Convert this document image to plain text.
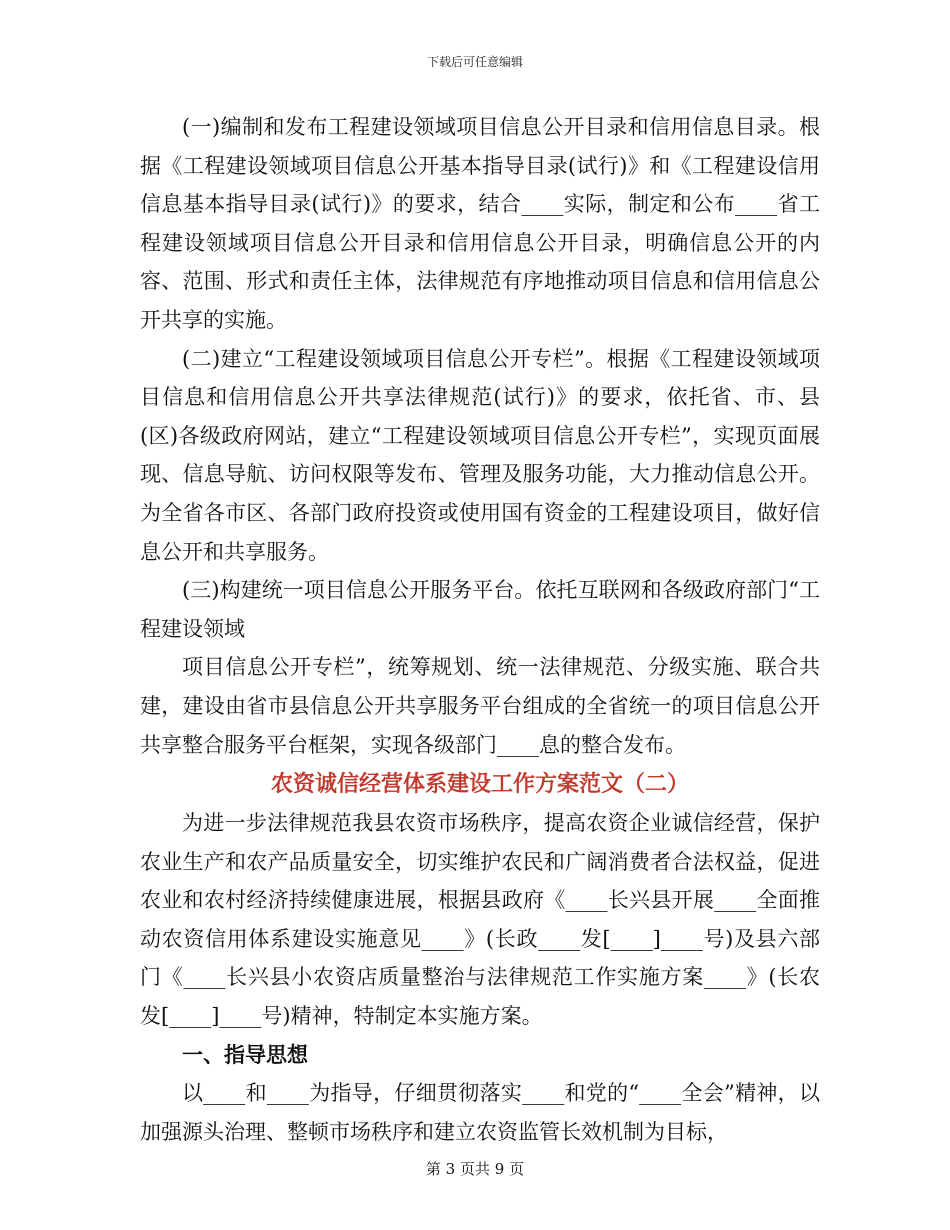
下载后可任意编辑

(一)编制和发布工程建设领域项目信息公开目录和信用信息目录。根据《工程建设领域项目信息公开基本指导目录(试行)》和《工程建设信用信息基本指导目录(试行)》的要求，结合____实际，制定和公布____省工程建设领域项目信息公开目录和信用信息公开目录，明确信息公开的内容、范围、形式和责任主体，法律规范有序地推动项目信息和信用信息公开共享的实施。

(二)建立“工程建设领域项目信息公开专栏”。根据《工程建设领域项目信息和信用信息公开共享法律规范(试行)》的要求，依托省、市、县(区)各级政府网站，建立“工程建设领域项目信息公开专栏”，实现页面展现、信息导航、访问权限等发布、管理及服务功能，大力推动信息公开。为全省各市区、各部门政府投资或使用国有资金的工程建设项目，做好信息公开和共享服务。

(三)构建统一项目信息公开服务平台。依托互联网和各级政府部门“工程建设领域

项目信息公开专栏”，统筹规划、统一法律规范、分级实施、联合共建，建设由省市县信息公开共享服务平台组成的全省统一的项目信息公开共享整合服务平台框架，实现各级部门____息的整合发布。

农资诚信经营体系建设工作方案范文（二）

为进一步法律规范我县农资市场秩序，提高农资企业诚信经营，保护农业生产和农产品质量安全，切实维护农民和广阔消费者合法权益，促进农业和农村经济持续健康进展，根据县政府《____长兴县开展____全面推动农资信用体系建设实施意见____》(长政____发[____]____号)及县六部门《____长兴县小农资店质量整治与法律规范工作实施方案____》(长农发[____]____号)精神，特制定本实施方案。

一、指导思想

以____和____为指导，仔细贯彻落实____和党的“____全会”精神，以加强源头治理、整顿市场秩序和建立农资监管长效机制为目标，

第 3 页共 9 页
